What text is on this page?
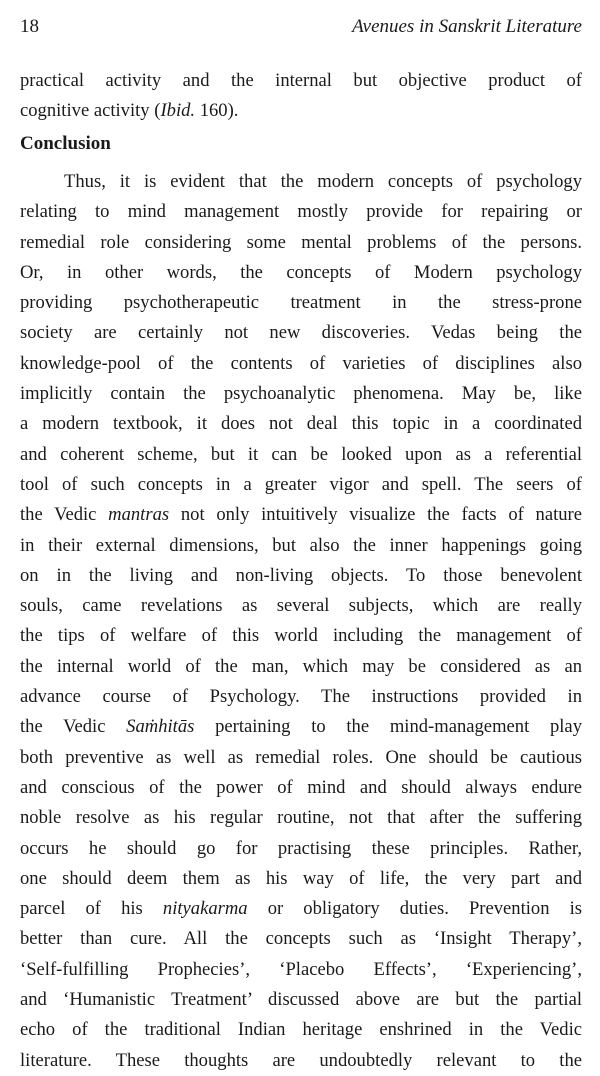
18	Avenues in Sanskrit Literature
practical activity and the internal but objective product of
cognitive activity (Ibid. 160).
Conclusion
Thus, it is evident that the modern concepts of psychology
relating to mind management mostly provide for repairing or
remedial role considering some mental problems of the persons.
Or, in other words, the concepts of Modern psychology
providing psychotherapeutic treatment in the stress-prone
society are certainly not new discoveries. Vedas being the
knowledge-pool of the contents of varieties of disciplines also
implicitly contain the psychoanalytic phenomena. May be, like
a modern textbook, it does not deal this topic in a coordinated
and coherent scheme, but it can be looked upon as a referential
tool of such concepts in a greater vigor and spell. The seers of
the Vedic mantras not only intuitively visualize the facts of nature
in their external dimensions, but also the inner happenings going
on in the living and non-living objects. To those benevolent
souls, came revelations as several subjects, which are really
the tips of welfare of this world including the management of
the internal world of the man, which may be considered as an
advance course of Psychology. The instructions provided in
the Vedic Saṁhitās pertaining to the mind-management play
both preventive as well as remedial roles. One should be cautious
and conscious of the power of mind and should always endure
noble resolve as his regular routine, not that after the suffering
occurs he should go for practising these principles. Rather,
one should deem them as his way of life, the very part and
parcel of his nityakarma or obligatory duties. Prevention is
better than cure. All the concepts such as ‘Insight Therapy’,
‘Self-fulfilling Prophecies’, ‘Placebo Effects’, ‘Experiencing’,
and ‘Humanistic Treatment’ discussed above are but the partial
echo of the traditional Indian heritage enshrined in the Vedic
literature. These thoughts are undoubtedly relevant to the
